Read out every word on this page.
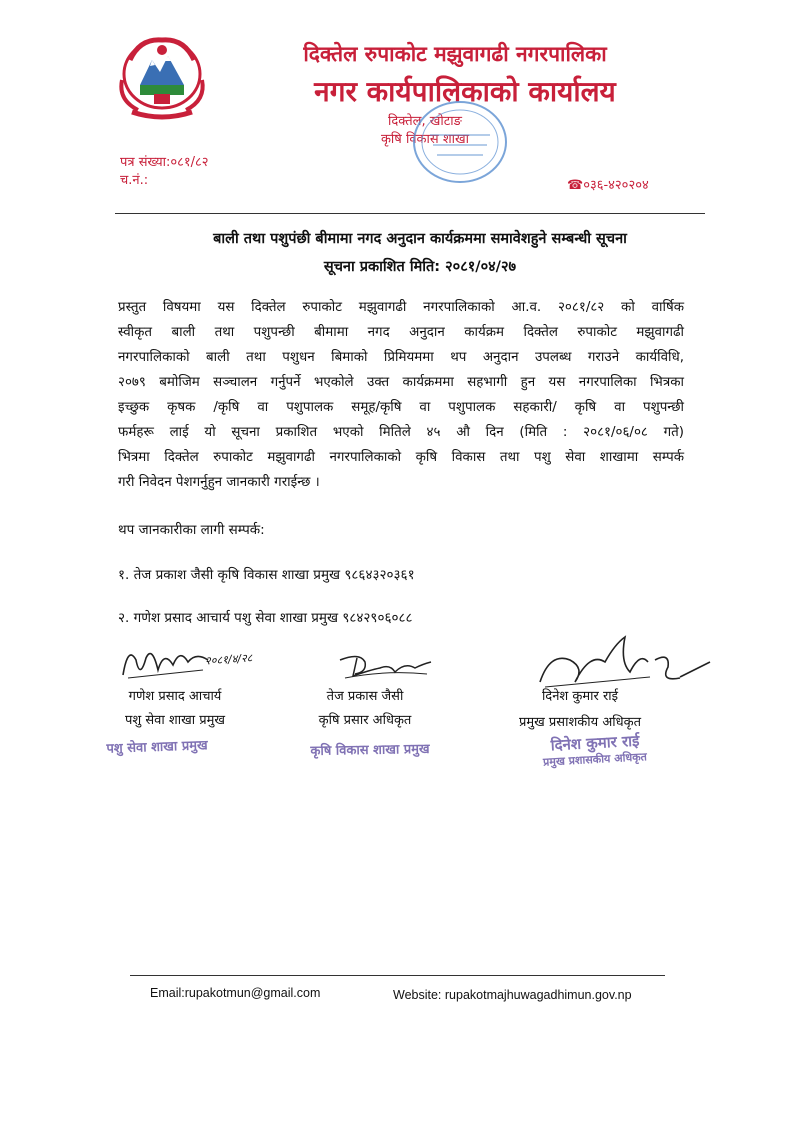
दिक्तेल रुपाकोट मझुवागढी नगरपालिका
नगर कार्यपालिकाको कार्यालय
दिक्तेल, खोटाङ
कृषि विकास शाखा
पत्र संख्या:०८१/८२
च.नं.:	☎०३६-४२०२०४
बाली तथा पशुपंछी बीमामा नगद अनुदान कार्यक्रममा समावेशहुने सम्बन्धी सूचना
सूचना प्रकाशित मिति: २०८१/०४/२७
प्रस्तुत विषयमा यस दिक्तेल रुपाकोट मझुवागढी नगरपालिकाको आ.व. २०८१/८२ को वार्षिक
स्वीकृत बाली तथा पशुपन्छी बीमामा नगद अनुदान कार्यक्रम दिक्तेल रुपाकोट मझुवागढी
नगरपालिकाको बाली तथा पशुधन बिमाको प्रिमियममा थप अनुदान उपलब्ध गराउने कार्यविधि,
२०७९ बमोजिम सञ्चालन गर्नुपर्ने भएकोले उक्त कार्यक्रममा सहभागी हुन यस नगरपालिका भित्रका
इच्छुक कृषक /कृषि वा पशुपालक समूह/कृषि वा पशुपालक सहकारी/ कृषि वा पशुपन्छी
फर्महरू लाई यो सूचना प्रकाशित भएको मितिले ४५ औ दिन (मिति : २०८१/०६/०८ गते)
भित्रमा दिक्तेल रुपाकोट मझुवागढी नगरपालिकाको कृषि विकास तथा पशु सेवा शाखामा सम्पर्क
गरी निवेदन पेशगर्नुहुन जानकारी गराईन्छ ।
थप जानकारीका लागी सम्पर्क:
१. तेज प्रकाश जैसी कृषि विकास शाखा प्रमुख ९८६४३२०३६१
२. गणेश प्रसाद आचार्य पशु सेवा शाखा प्रमुख ९८४२९०६०८८
२०८१/४/२८
गणेश प्रसाद आचार्य
पशु सेवा शाखा प्रमुख
पशु सेवा शाखा प्रमुख
तेज प्रकास जैसी
कृषि प्रसार अधिकृत
कृषि विकास शाखा प्रमुख
दिनेश कुमार राई
प्रमुख प्रसाशकीय अधिकृत
दिनेश कुमार राई
प्रमुख प्रशासकीय अधिकृत
Email:rupakotmun@gmail.com	Website: rupakotmajhuwagadhimun.gov.np
